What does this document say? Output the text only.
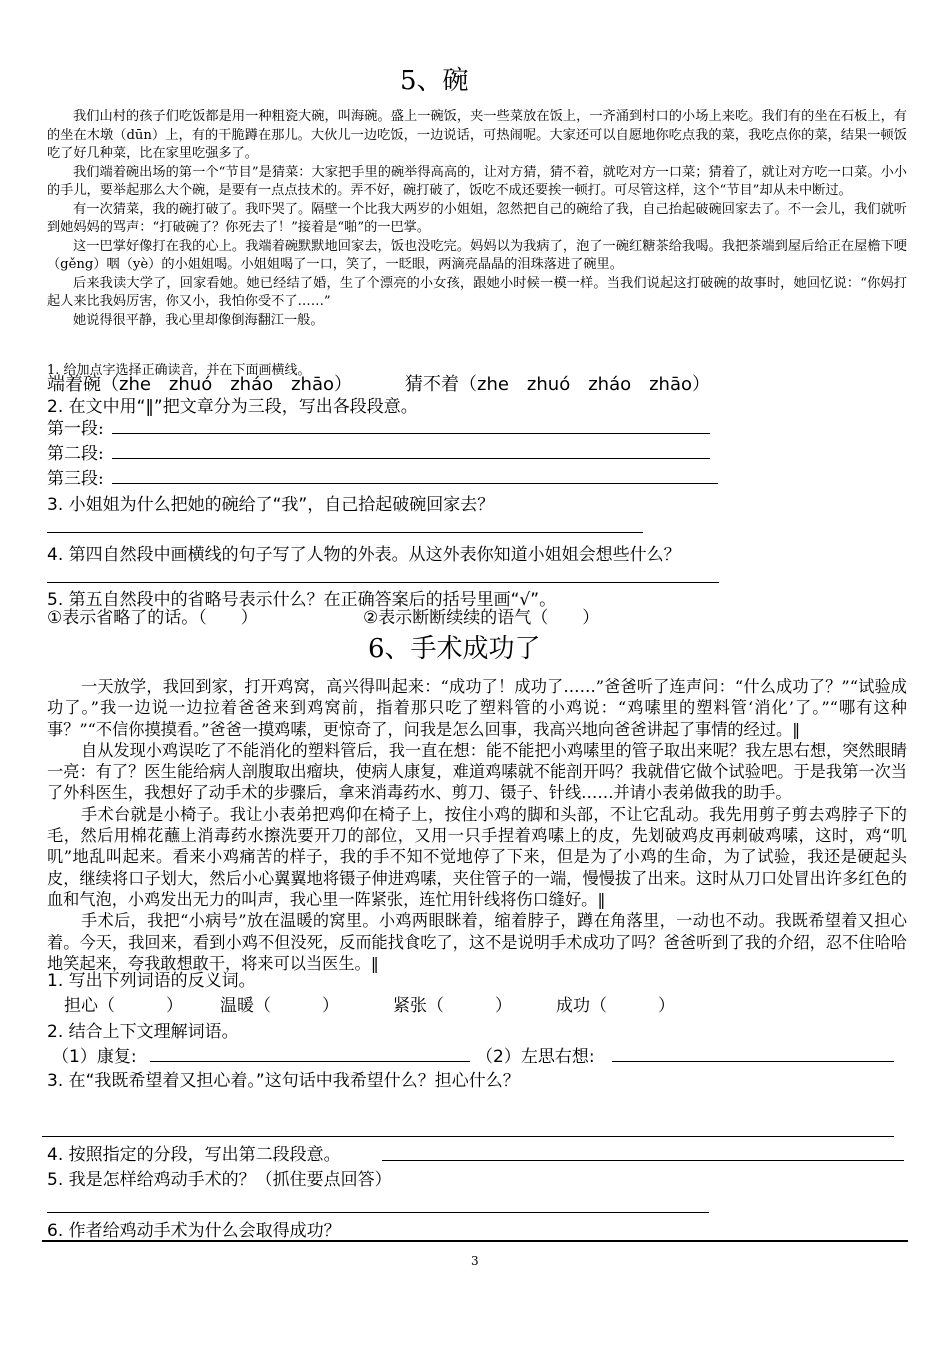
5、碗

我们山村的孩子们吃饭都是用一种粗瓷大碗，叫海碗。盛上一碗饭，夹一些菜放在饭上，一齐涌到村口的小场上来吃。我们有的坐在石板上，有的坐在木墩（dūn）上，有的干脆蹲在那儿。大伙儿一边吃饭，一边说话，可热闹呢。大家还可以自愿地你吃点我的菜，我吃点你的菜，结果一顿饭吃了好几种菜，比在家里吃强多了。

我们端着碗出场的第一个“节目”是猜菜：大家把手里的碗举得高高的，让对方猜，猜不着，就吃对方一口菜；猜着了，就让对方吃一口菜。小小的手儿，要举起那么大个碗，是要有一点点技术的。弄不好，碗打破了，饭吃不成还要挨一顿打。可尽管这样，这个“节目”却从未中断过。

有一次猜菜，我的碗打破了。我吓哭了。隔壁一个比我大两岁的小姐姐，忽然把自己的碗给了我，自己抬起破碗回家去了。不一会儿，我们就听到她妈妈的骂声：“打破碗了？你死去了！”接着是“啪”的一巴掌。

这一巴掌好像打在我的心上。我端着碗默默地回家去，饭也没吃完。妈妈以为我病了，泡了一碗红糖茶给我喝。我把茶端到屋后给正在屋檐下哽（gěng）咽（yè）的小姐姐喝。小姐姐喝了一口，笑了，一眨眼，两滴亮晶晶的泪珠落进了碗里。

后来我读大学了，回家看她。她已经结了婚，生了个漂亮的小女孩，跟她小时候一模一样。当我们说起这打破碗的故事时，她回忆说：“你妈打起人来比我妈厉害，你又小，我怕你受不了……”

她说得很平静，我心里却像倒海翻江一般。

1. 给加点字选择正确读音，并在下面画横线。
端着碗（zhe　zhuó　zháo　zhāo）	猜不着（zhe　zhuó　zháo　zhāo）
2. 在文中用“‖”把文章分为三段，写出各段段意。
第一段:
第二段:
第三段:
3. 小姐姐为什么把她的碗给了“我”，自己拾起破碗回家去？
4. 第四自然段中画横线的句子写了人物的外表。从这外表你知道小姐姐会想些什么？
5. 第五自然段中的省略号表示什么？在正确答案后的括号里画“√”。
①表示省略了的话。（　　）	②表示断断续续的语气（　　）
6、手术成功了

一天放学，我回到家，打开鸡窝，高兴得叫起来：“成功了！成功了……”爸爸听了连声问：“什么成功了？”“试验成功了。”我一边说一边拉着爸爸来到鸡窝前，指着那只吃了塑料管的小鸡说：“鸡嗉里的塑料管‘消化’了。”“哪有这种事？”“不信你摸摸看。”爸爸一摸鸡嗉，更惊奇了，问我是怎么回事，我高兴地向爸爸讲起了事情的经过。‖

自从发现小鸡误吃了不能消化的塑料管后，我一直在想：能不能把小鸡嗉里的管子取出来呢？我左思右想，突然眼睛一亮：有了？医生能给病人剖腹取出瘤块，使病人康复，难道鸡嗉就不能剖开吗？我就借它做个试验吧。于是我第一次当了外科医生，我想好了动手术的步骤后，拿来消毒药水、剪刀、镊子、针线……并请小表弟做我的助手。

手术台就是小椅子。我让小表弟把鸡仰在椅子上，按住小鸡的脚和头部，不让它乱动。我先用剪子剪去鸡脖子下的毛，然后用棉花蘸上消毒药水擦洗要开刀的部位，又用一只手捏着鸡嗉上的皮，先划破鸡皮再刺破鸡嗉，这时，鸡“叽叽”地乱叫起来。看来小鸡痛苦的样子，我的手不知不觉地停了下来，但是为了小鸡的生命，为了试验，我还是硬起头皮，继续将口子划大，然后小心翼翼地将镊子伸进鸡嗉，夹住管子的一端，慢慢拔了出来。这时从刀口处冒出许多红色的血和气泡，小鸡发出无力的叫声，我心里一阵紧张，连忙用针线将伤口缝好。‖

手术后，我把“小病号”放在温暖的窝里。小鸡两眼眯着，缩着脖子，蹲在角落里，一动也不动。我既希望着又担心着。今天，我回来，看到小鸡不但没死，反而能找食吃了，这不是说明手术成功了吗？爸爸听到了我的介绍，忍不住哈哈地笑起来，夸我敢想敢干，将来可以当医生。‖

1. 写出下列词语的反义词。
担心（　　　） 温暖（　　　）	紧张（　　　）	成功（　　　）
2. 结合上下文理解词语。
（1）康复:	（2）左思右想:
3. 在“我既希望着又担心着。”这句话中我希望什么？担心什么？
4. 按照指定的分段，写出第二段段意。
5. 我是怎样给鸡动手术的？（抓住要点回答）
6. 作者给鸡动手术为什么会取得成功？
3
